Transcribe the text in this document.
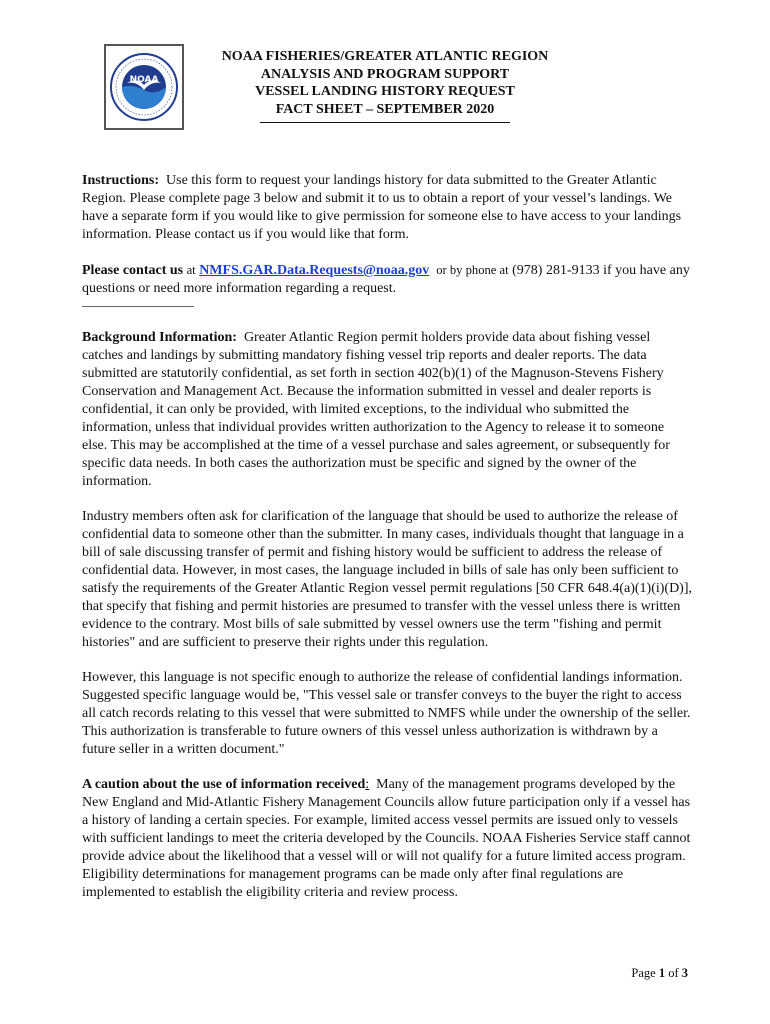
NOAA
NOAA FISHERIES/GREATER ATLANTIC REGION
ANALYSIS AND PROGRAM SUPPORT
VESSEL LANDING HISTORY REQUEST
FACT SHEET – SEPTEMBER 2020

Instructions: Use this form to request your landings history for data submitted to the Greater Atlantic Region. Please complete page 3 below and submit it to us to obtain a report of your vessel’s landings. We have a separate form if you would like to give permission for someone else to have access to your landings information. Please contact us if you would like that form.

Please contact us at NMFS.GAR.Data.Requests@noaa.gov or by phone at (978) 281-9133 if you have any questions or need more information regarding a request.

Background Information: Greater Atlantic Region permit holders provide data about fishing vessel catches and landings by submitting mandatory fishing vessel trip reports and dealer reports. The data submitted are statutorily confidential, as set forth in section 402(b)(1) of the Magnuson-Stevens Fishery Conservation and Management Act. Because the information submitted in vessel and dealer reports is confidential, it can only be provided, with limited exceptions, to the individual who submitted the information, unless that individual provides written authorization to the Agency to release it to someone else. This may be accomplished at the time of a vessel purchase and sales agreement, or subsequently for specific data needs. In both cases the authorization must be specific and signed by the owner of the information.

Industry members often ask for clarification of the language that should be used to authorize the release of confidential data to someone other than the submitter. In many cases, individuals thought that language in a bill of sale discussing transfer of permit and fishing history would be sufficient to address the release of confidential data. However, in most cases, the language included in bills of sale has only been sufficient to satisfy the requirements of the Greater Atlantic Region vessel permit regulations [50 CFR 648.4(a)(1)(i)(D)], that specify that fishing and permit histories are presumed to transfer with the vessel unless there is written evidence to the contrary. Most bills of sale submitted by vessel owners use the term "fishing and permit histories" and are sufficient to preserve their rights under this regulation.

However, this language is not specific enough to authorize the release of confidential landings information. Suggested specific language would be, "This vessel sale or transfer conveys to the buyer the right to access all catch records relating to this vessel that were submitted to NMFS while under the ownership of the seller. This authorization is transferable to future owners of this vessel unless authorization is withdrawn by a future seller in a written document."

A caution about the use of information received: Many of the management programs developed by the New England and Mid-Atlantic Fishery Management Councils allow future participation only if a vessel has a history of landing a certain species. For example, limited access vessel permits are issued only to vessels with sufficient landings to meet the criteria developed by the Councils. NOAA Fisheries Service staff cannot provide advice about the likelihood that a vessel will or will not qualify for a future limited access program. Eligibility determinations for management programs can be made only after final regulations are implemented to establish the eligibility criteria and review process.

Page 1 of 3
